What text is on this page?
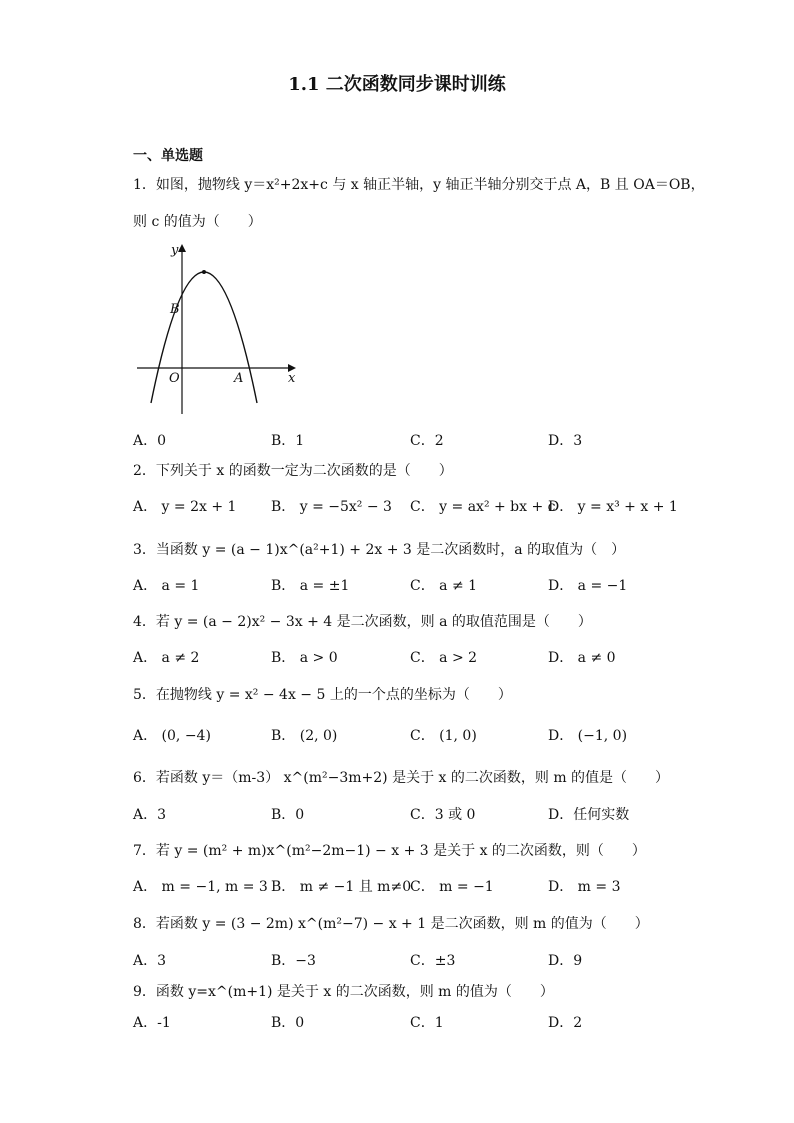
1.1 二次函数同步课时训练
一、单选题
1．如图，抛物线 y＝x²+2x+c 与 x 轴正半轴，y 轴正半轴分别交于点 A，B 且 OA＝OB，
则 c 的值为（　　）
y
x
O	A
B
A．0	B．1	C．2	D．3
2．下列关于 x 的函数一定为二次函数的是（　　）
A． y = 2x + 1 B． y = −5x² − 3 C． y = ax² + bx + c
D． y = x³ + x + 1
3．当函数 y = (a − 1)x^(a²+1) + 2x + 3 是二次函数时，a 的取值为（　）
A． a = 1	B． a = ±1	C． a ≠ 1	D． a = −1
4．若 y = (a − 2)x² − 3x + 4 是二次函数，则 a 的取值范围是（　　）
A． a ≠ 2	B． a > 0	C． a > 2	D． a ≠ 0
5．在抛物线 y = x² − 4x − 5 上的一个点的坐标为（　　）
A． (0, −4)	B． (2, 0)	C． (1, 0)	D． (−1, 0)
6．若函数 y＝（m-3） x^(m²−3m+2) 是关于 x 的二次函数，则 m 的值是（　　）
A．3	B．0	C．3 或 0	D．任何实数
7．若 y = (m² + m)x^(m²−2m−1) − x + 3 是关于 x 的二次函数，则（　　）
A． m = −1, m = 3 B． m ≠ −1 且 m≠0
C． m = −1	D． m = 3
8．若函数 y = (3 − 2m) x^(m²−7) − x + 1 是二次函数，则 m 的值为（　　）
A．3	B．−3	C．±3	D．9
9．函数 y=x^(m+1) 是关于 x 的二次函数，则 m 的值为（　　）
A．-1	B．0	C．1	D．2
